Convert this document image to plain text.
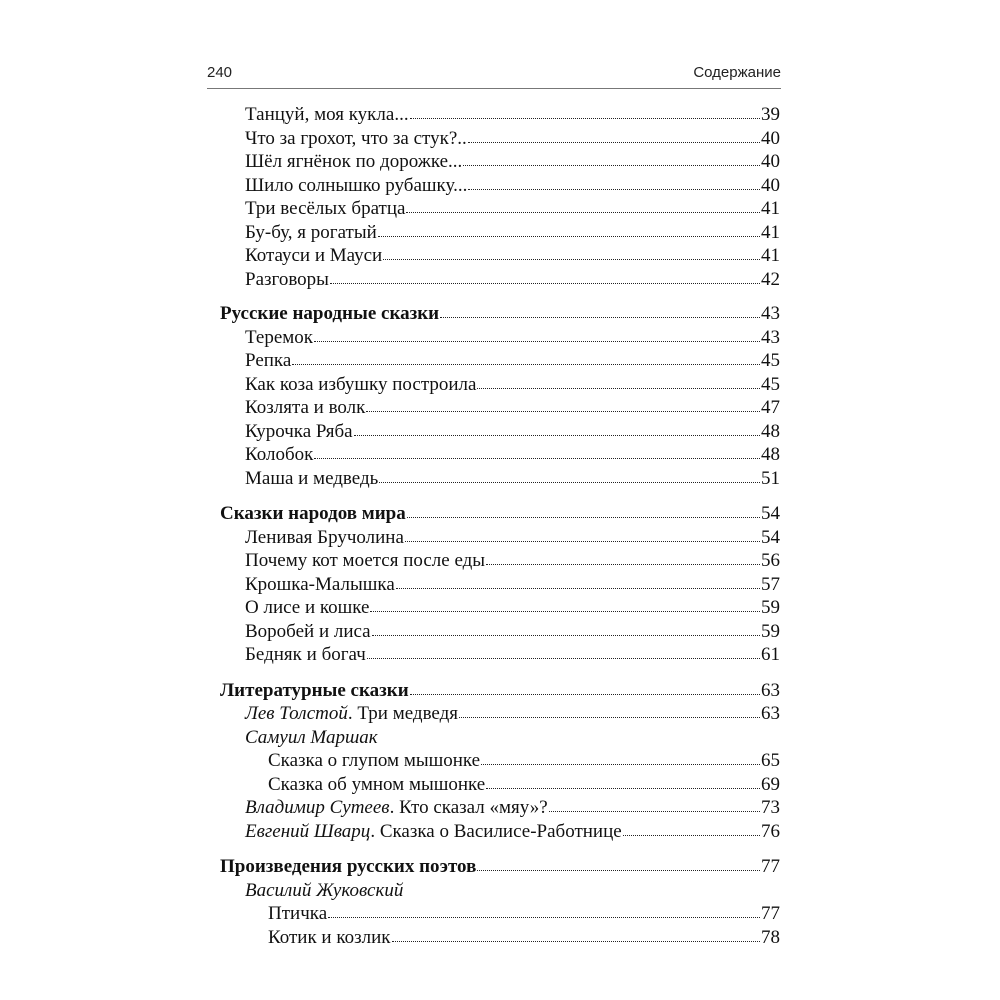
240	Содержание
Танцуй, моя кукла...	39
Что за грохот, что за стук?..	40
Шёл ягнёнок по дорожке...	40
Шило солнышко рубашку...	40
Три весёлых братца	41
Бу-бу, я рогатый	41
Котауси и Мауси	41
Разговоры	42
Русские народные сказки	43
Теремок	43
Репка	45
Как коза избушку построила	45
Козлята и волк	47
Курочка Ряба	48
Колобок	48
Маша и медведь	51
Сказки народов мира	54
Ленивая Бручолина	54
Почему кот моется после еды	56
Крошка-Малышка	57
О лисе и кошке	59
Воробей и лиса	59
Бедняк и богач	61
Литературные сказки	63
Лев Толстой. Три медведя	63
Самуил Маршак
Сказка о глупом мышонке	65
Сказка об умном мышонке	69
Владимир Сутеев. Кто сказал «мяу»?	73
Евгений Шварц. Сказка о Василисе-Работнице	76
Произведения русских поэтов	77
Василий Жуковский
Птичка	77
Котик и козлик	78
